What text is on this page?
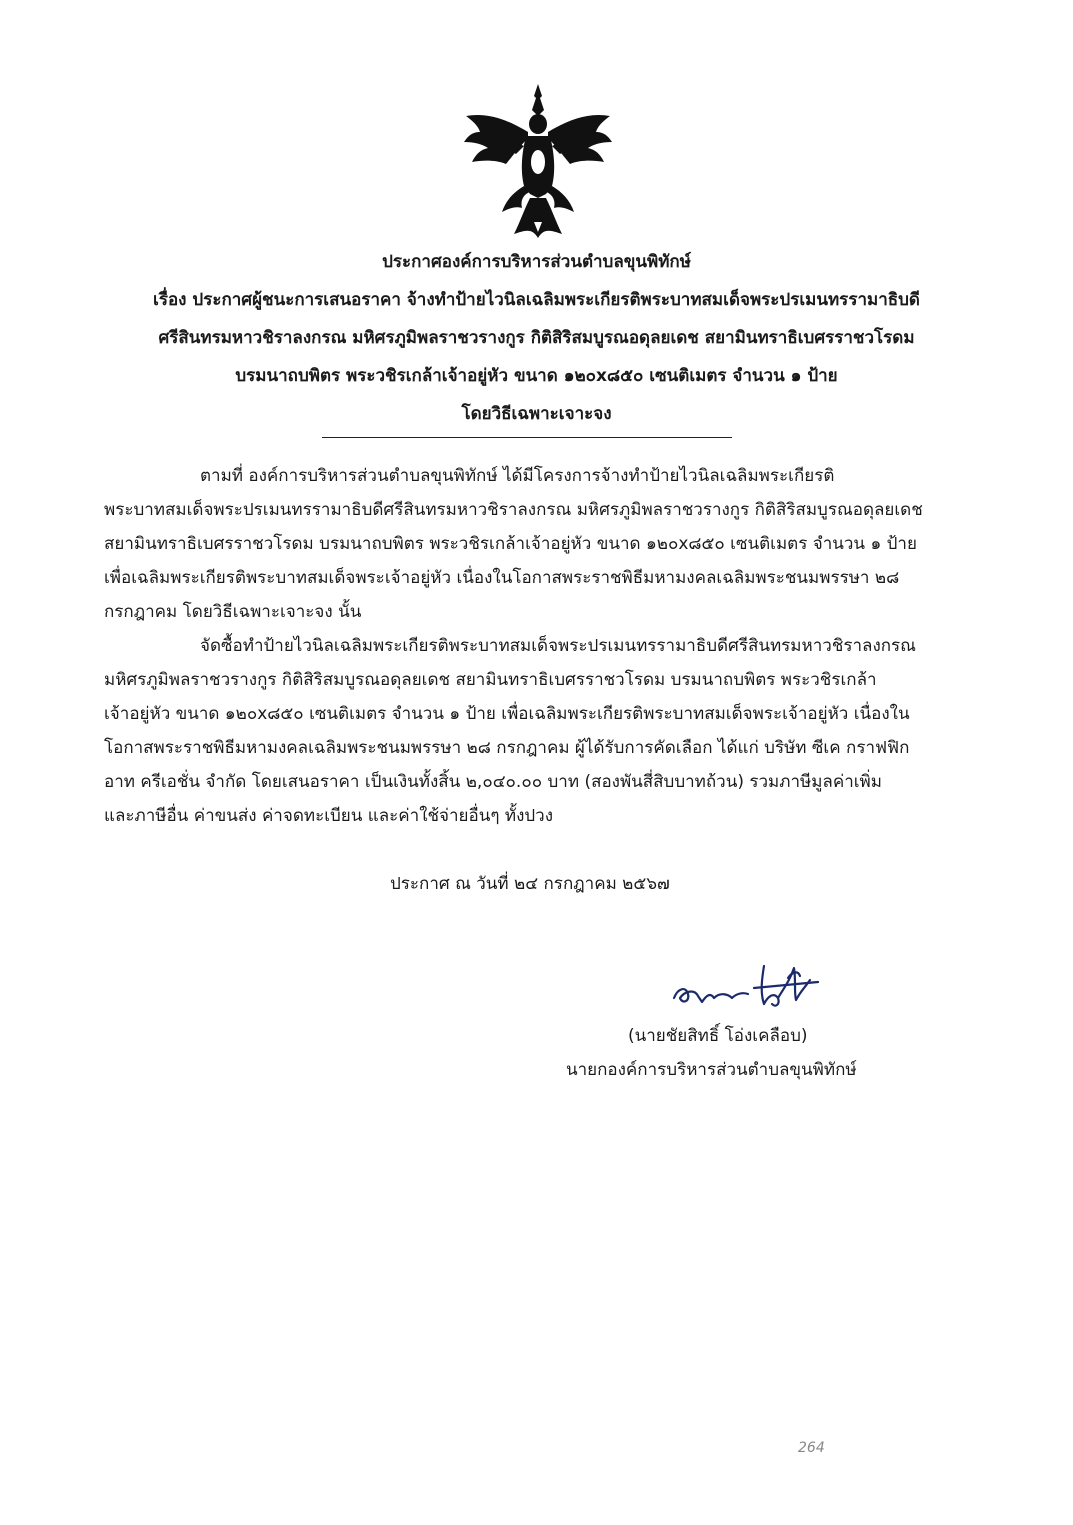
ประกาศองค์การบริหารส่วนตำบลขุนพิทักษ์
เรื่อง ประกาศผู้ชนะการเสนอราคา จ้างทำป้ายไวนิลเฉลิมพระเกียรติพระบาทสมเด็จพระปรเมนทรรามาธิบดี
ศรีสินทรมหาวชิราลงกรณ มหิศรภูมิพลราชวรางกูร กิติสิริสมบูรณอดุลยเดช สยามินทราธิเบศรราชวโรดม
บรมนาถบพิตร พระวชิรเกล้าเจ้าอยู่หัว ขนาด ๑๒๐x๘๕๐ เซนติเมตร จำนวน ๑ ป้าย
โดยวิธีเฉพาะเจาะจง
ตามที่ องค์การบริหารส่วนตำบลขุนพิทักษ์ ได้มีโครงการจ้างทำป้ายไวนิลเฉลิมพระเกียรติ
พระบาทสมเด็จพระปรเมนทรรามาธิบดีศรีสินทรมหาวชิราลงกรณ มหิศรภูมิพลราชวรางกูร กิติสิริสมบูรณอดุลยเดช
สยามินทราธิเบศรราชวโรดม บรมนาถบพิตร พระวชิรเกล้าเจ้าอยู่หัว ขนาด ๑๒๐x๘๕๐ เซนติเมตร จำนวน ๑ ป้าย
เพื่อเฉลิมพระเกียรติพระบาทสมเด็จพระเจ้าอยู่หัว เนื่องในโอกาสพระราชพิธีมหามงคลเฉลิมพระชนมพรรษา ๒๘
กรกฎาคม โดยวิธีเฉพาะเจาะจง นั้น
จัดซื้อทำป้ายไวนิลเฉลิมพระเกียรติพระบาทสมเด็จพระปรเมนทรรามาธิบดีศรีสินทรมหาวชิราลงกรณ
มหิศรภูมิพลราชวรางกูร กิติสิริสมบูรณอดุลยเดช สยามินทราธิเบศรราชวโรดม บรมนาถบพิตร พระวชิรเกล้า
เจ้าอยู่หัว ขนาด ๑๒๐x๘๕๐ เซนติเมตร จำนวน ๑ ป้าย เพื่อเฉลิมพระเกียรติพระบาทสมเด็จพระเจ้าอยู่หัว เนื่องใน
โอกาสพระราชพิธีมหามงคลเฉลิมพระชนมพรรษา ๒๘ กรกฎาคม ผู้ได้รับการคัดเลือก ได้แก่ บริษัท ซีเค กราฟฟิก
อาท ครีเอชั่น จำกัด โดยเสนอราคา เป็นเงินทั้งสิ้น ๒,๐๔๐.๐๐ บาท (สองพันสี่สิบบาทถ้วน) รวมภาษีมูลค่าเพิ่ม
และภาษีอื่น ค่าขนส่ง ค่าจดทะเบียน และค่าใช้จ่ายอื่นๆ ทั้งปวง
ประกาศ ณ วันที่ ๒๔ กรกฎาคม ๒๕๖๗
(นายชัยสิทธิ์ โอ่งเคลือบ)
นายกองค์การบริหารส่วนตำบลขุนพิทักษ์
264
